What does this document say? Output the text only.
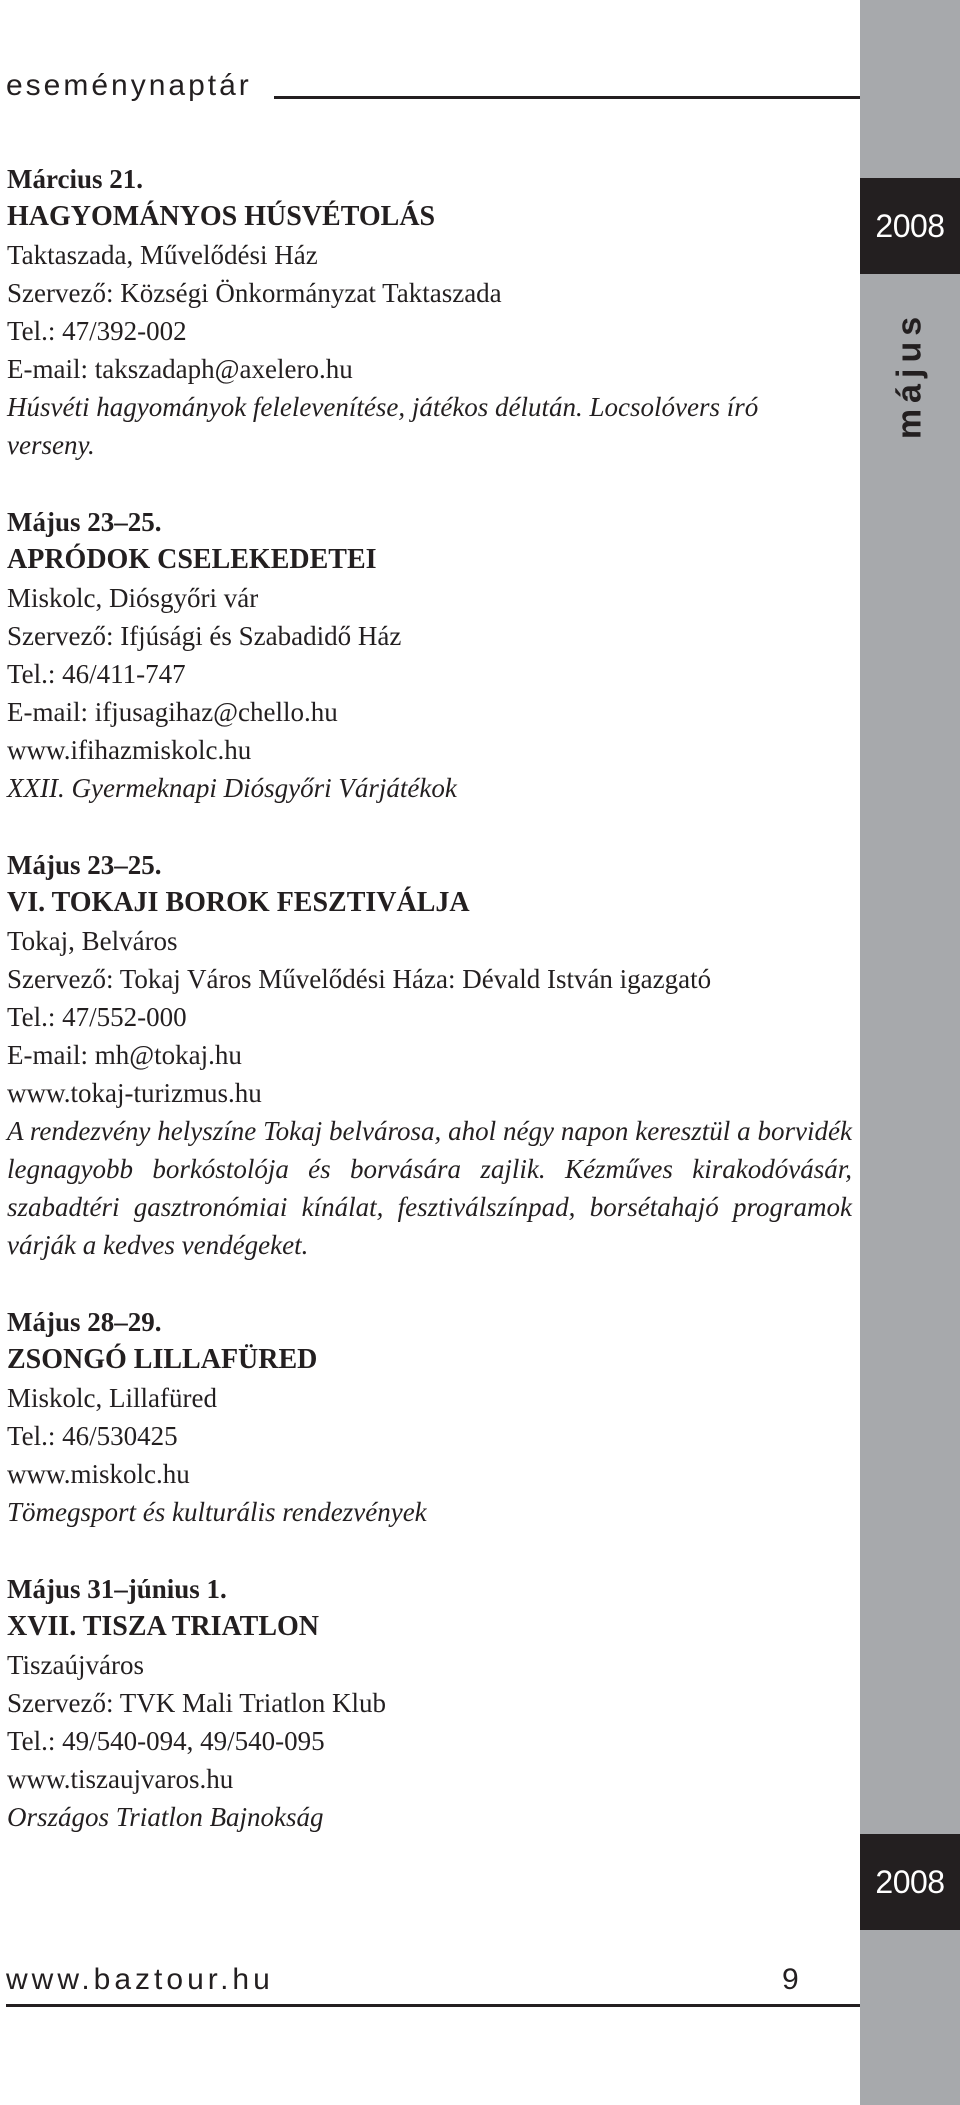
2008
május
2008
eseménynaptár

Március 21.

HAGYOMÁNYOS HÚSVÉTOLÁS

Taktaszada, Művelődési Ház

Szervező: Községi Önkormányzat Taktaszada

Tel.: 47/392-002

E-mail: takszadaph@axelero.hu

Húsvéti hagyományok felelevenítése, játékos délután. Locsolóvers író verseny.

Május 23–25.

APRÓDOK CSELEKEDETEI

Miskolc, Diósgyőri vár

Szervező: Ifjúsági és Szabadidő Ház

Tel.: 46/411-747

E-mail: ifjusagihaz@chello.hu

www.ifihazmiskolc.hu

XXII. Gyermeknapi Diósgyőri Várjátékok

Május 23–25.

VI. TOKAJI BOROK FESZTIVÁLJA

Tokaj, Belváros

Szervező: Tokaj Város Művelődési Háza: Dévald István igazgató

Tel.: 47/552-000

E-mail: mh@tokaj.hu

www.tokaj-turizmus.hu

A rendezvény helyszíne Tokaj belvárosa, ahol négy napon keresztül a borvidék legnagyobb borkóstolója és borvására zajlik. Kézműves kirakodóvásár, szabadtéri gasztronómiai kínálat, fesztiválszínpad, borsétahajó programok várják a kedves vendégeket.

Május 28–29.

ZSONGÓ LILLAFÜRED

Miskolc, Lillafüred

Tel.: 46/530425

www.miskolc.hu

Tömegsport és kulturális rendezvények

Május 31–június 1.

XVII. TISZA TRIATLON

Tiszaújváros

Szervező: TVK Mali Triatlon Klub

Tel.: 49/540-094, 49/540-095

www.tiszaujvaros.hu

Országos Triatlon Bajnokság

www.baztour.hu	9
